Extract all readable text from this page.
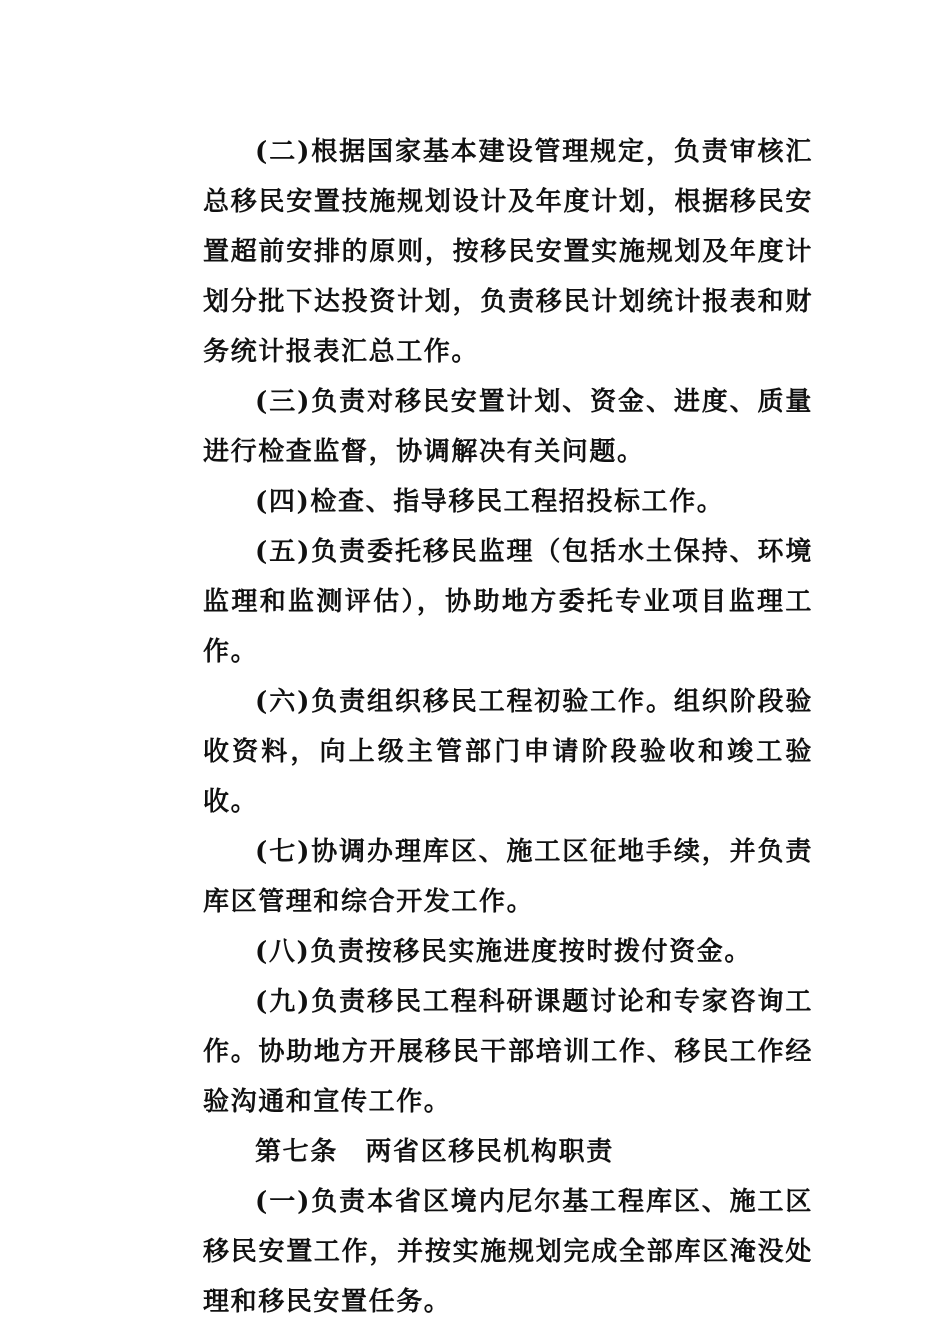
(二)根据国家基本建设管理规定，负责审核汇总移民安置技施规划设计及年度计划，根据移民安置超前安排的原则，按移民安置实施规划及年度计划分批下达投资计划，负责移民计划统计报表和财务统计报表汇总工作。

(三)负责对移民安置计划、资金、进度、质量进行检查监督，协调解决有关问题。

(四)检查、指导移民工程招投标工作。

(五)负责委托移民监理（包括水土保持、环境监理和监测评估），协助地方委托专业项目监理工作。

(六)负责组织移民工程初验工作。组织阶段验收资料，向上级主管部门申请阶段验收和竣工验收。

(七)协调办理库区、施工区征地手续，并负责库区管理和综合开发工作。

(八)负责按移民实施进度按时拨付资金。

(九)负责移民工程科研课题讨论和专家咨询工作。协助地方开展移民干部培训工作、移民工作经验沟通和宣传工作。

第七条　两省区移民机构职责

(一)负责本省区境内尼尔基工程库区、施工区移民安置工作，并按实施规划完成全部库区淹没处理和移民安置任务。
